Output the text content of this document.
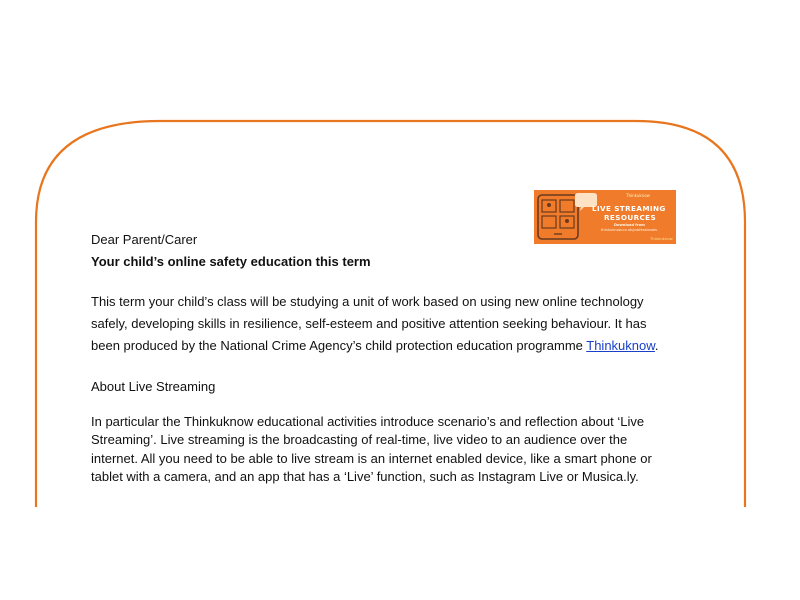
Thinkuknow
LIVE STREAMING
RESOURCES
Download from
thinkuknow.co.uk/professionals
Thinkuknow
Dear Parent/Carer
Your child’s online safety education this term
This term your child’s class will be studying a unit of work based on using new online technology
safely, developing skills in resilience, self-esteem and positive attention seeking behaviour. It has
been produced by the National Crime Agency’s child protection education programme Thinkuknow.
About Live Streaming
In particular the Thinkuknow educational activities introduce scenario’s and reflection about ‘Live
Streaming’. Live streaming is the broadcasting of real-time, live video to an audience over the
internet. All you need to be able to live stream is an internet enabled device, like a smart phone or
tablet with a camera, and an app that has a ‘Live’ function, such as Instagram Live or Musica.ly.
